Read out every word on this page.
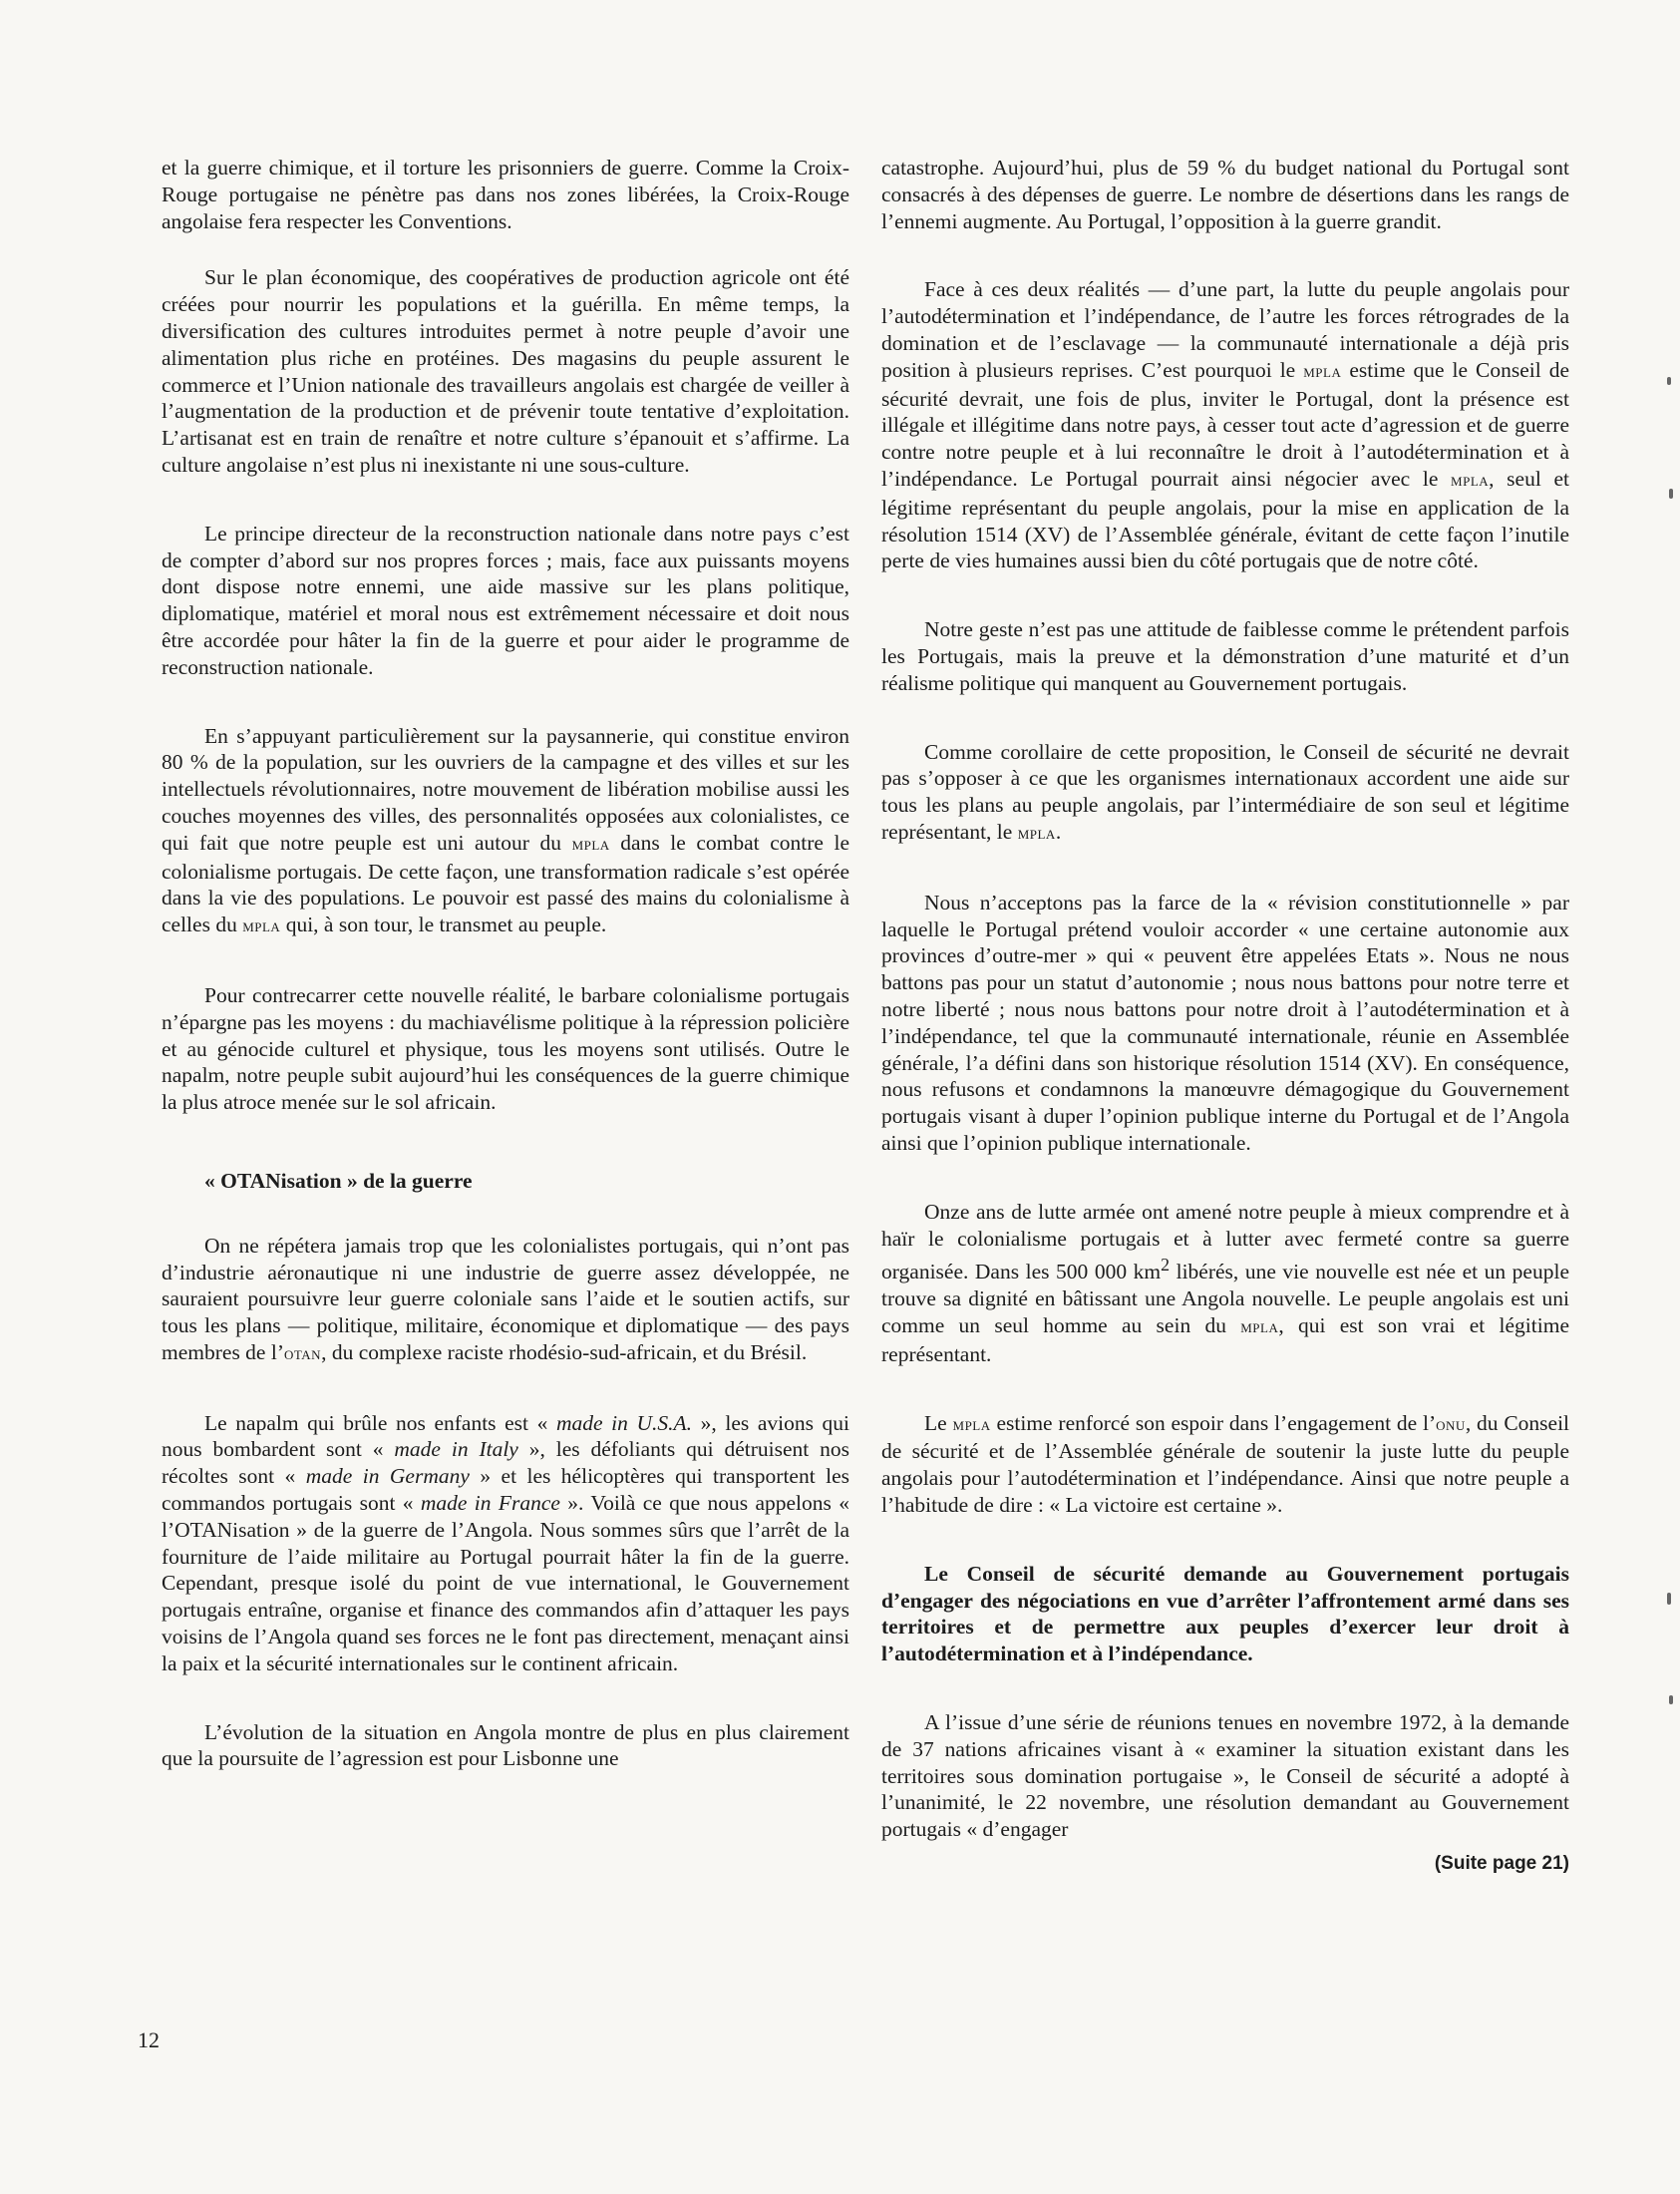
et la guerre chimique, et il torture les prisonniers de guerre. Comme la Croix-Rouge portugaise ne pénètre pas dans nos zones libérées, la Croix-Rouge angolaise fera respecter les Conventions.

Sur le plan économique, des coopératives de production agricole ont été créées pour nourrir les populations et la guérilla. En même temps, la diversification des cultures introduites permet à notre peuple d’avoir une alimentation plus riche en protéines. Des magasins du peuple assurent le commerce et l’Union nationale des travailleurs angolais est chargée de veiller à l’augmentation de la production et de prévenir toute tentative d’exploitation. L’artisanat est en train de renaître et notre culture s’épanouit et s’affirme. La culture angolaise n’est plus ni inexistante ni une sous-culture.

Le principe directeur de la reconstruction nationale dans notre pays c’est de compter d’abord sur nos propres forces ; mais, face aux puissants moyens dont dispose notre ennemi, une aide massive sur les plans politique, diplomatique, matériel et moral nous est extrêmement nécessaire et doit nous être accordée pour hâter la fin de la guerre et pour aider le programme de reconstruction nationale.

En s’appuyant particulièrement sur la paysannerie, qui constitue environ 80 % de la population, sur les ouvriers de la campagne et des villes et sur les intellectuels révolutionnaires, notre mouvement de libération mobilise aussi les couches moyennes des villes, des personnalités opposées aux colonialistes, ce qui fait que notre peuple est uni autour du mpla dans le combat contre le colonialisme portugais. De cette façon, une transformation radicale s’est opérée dans la vie des populations. Le pouvoir est passé des mains du colonialisme à celles du mpla qui, à son tour, le transmet au peuple.

Pour contrecarrer cette nouvelle réalité, le barbare colonialisme portugais n’épargne pas les moyens : du machiavélisme politique à la répression policière et au génocide culturel et physique, tous les moyens sont utilisés. Outre le napalm, notre peuple subit aujourd’hui les conséquences de la guerre chimique la plus atroce menée sur le sol africain.

« OTANisation » de la guerre

On ne répétera jamais trop que les colonialistes portugais, qui n’ont pas d’industrie aéronautique ni une industrie de guerre assez développée, ne sauraient poursuivre leur guerre coloniale sans l’aide et le soutien actifs, sur tous les plans — politique, militaire, économique et diplomatique — des pays membres de l’otan, du complexe raciste rhodésio-sud-africain, et du Brésil.

Le napalm qui brûle nos enfants est « made in U.S.A. », les avions qui nous bombardent sont « made in Italy », les défoliants qui détruisent nos récoltes sont « made in Germany » et les hélicoptères qui transportent les commandos portugais sont « made in France ». Voilà ce que nous appelons « l’OTANisation » de la guerre de l’Angola. Nous sommes sûrs que l’arrêt de la fourniture de l’aide militaire au Portugal pourrait hâter la fin de la guerre. Cependant, presque isolé du point de vue international, le Gouvernement portugais entraîne, organise et finance des commandos afin d’attaquer les pays voisins de l’Angola quand ses forces ne le font pas directement, menaçant ainsi la paix et la sécurité internationales sur le continent africain.

L’évolution de la situation en Angola montre de plus en plus clairement que la poursuite de l’agression est pour Lisbonne une

catastrophe. Aujourd’hui, plus de 59 % du budget national du Portugal sont consacrés à des dépenses de guerre. Le nombre de désertions dans les rangs de l’ennemi augmente. Au Portugal, l’opposition à la guerre grandit.

Face à ces deux réalités — d’une part, la lutte du peuple angolais pour l’autodétermination et l’indépendance, de l’autre les forces rétrogrades de la domination et de l’esclavage — la communauté internationale a déjà pris position à plusieurs reprises. C’est pourquoi le mpla estime que le Conseil de sécurité devrait, une fois de plus, inviter le Portugal, dont la présence est illégale et illégitime dans notre pays, à cesser tout acte d’agression et de guerre contre notre peuple et à lui reconnaître le droit à l’autodétermination et à l’indépendance. Le Portugal pourrait ainsi négocier avec le mpla, seul et légitime représentant du peuple angolais, pour la mise en application de la résolution 1514 (XV) de l’Assemblée générale, évitant de cette façon l’inutile perte de vies humaines aussi bien du côté portugais que de notre côté.

Notre geste n’est pas une attitude de faiblesse comme le prétendent parfois les Portugais, mais la preuve et la démonstration d’une maturité et d’un réalisme politique qui manquent au Gouvernement portugais.

Comme corollaire de cette proposition, le Conseil de sécurité ne devrait pas s’opposer à ce que les organismes internationaux accordent une aide sur tous les plans au peuple angolais, par l’intermédiaire de son seul et légitime représentant, le mpla.

Nous n’acceptons pas la farce de la « révision constitutionnelle » par laquelle le Portugal prétend vouloir accorder « une certaine autonomie aux provinces d’outre-mer » qui « peuvent être appelées Etats ». Nous ne nous battons pas pour un statut d’autonomie ; nous nous battons pour notre terre et notre liberté ; nous nous battons pour notre droit à l’autodétermination et à l’indépendance, tel que la communauté internationale, réunie en Assemblée générale, l’a défini dans son historique résolution 1514 (XV). En conséquence, nous refusons et condamnons la manœuvre démagogique du Gouvernement portugais visant à duper l’opinion publique interne du Portugal et de l’Angola ainsi que l’opinion publique internationale.

Onze ans de lutte armée ont amené notre peuple à mieux comprendre et à haïr le colonialisme portugais et à lutter avec fermeté contre sa guerre organisée. Dans les 500 000 $km^2$ libérés, une vie nouvelle est née et un peuple trouve sa dignité en bâtissant une Angola nouvelle. Le peuple angolais est uni comme un seul homme au sein du mpla, qui est son vrai et légitime représentant.

Le mpla estime renforcé son espoir dans l’engagement de l’onu, du Conseil de sécurité et de l’Assemblée générale de soutenir la juste lutte du peuple angolais pour l’autodétermination et l’indépendance. Ainsi que notre peuple a l’habitude de dire : « La victoire est certaine ».

Le Conseil de sécurité demande au Gouvernement portugais d’engager des négociations en vue d’arrêter l’affrontement armé dans ses territoires et de permettre aux peuples d’exercer leur droit à l’autodétermination et à l’indépendance.

A l’issue d’une série de réunions tenues en novembre 1972, à la demande de 37 nations africaines visant à « examiner la situation existant dans les territoires sous domination portugaise », le Conseil de sécurité a adopté à l’unanimité, le 22 novembre, une résolution demandant au Gouvernement portugais « d’engager

(Suite page 21)
12
